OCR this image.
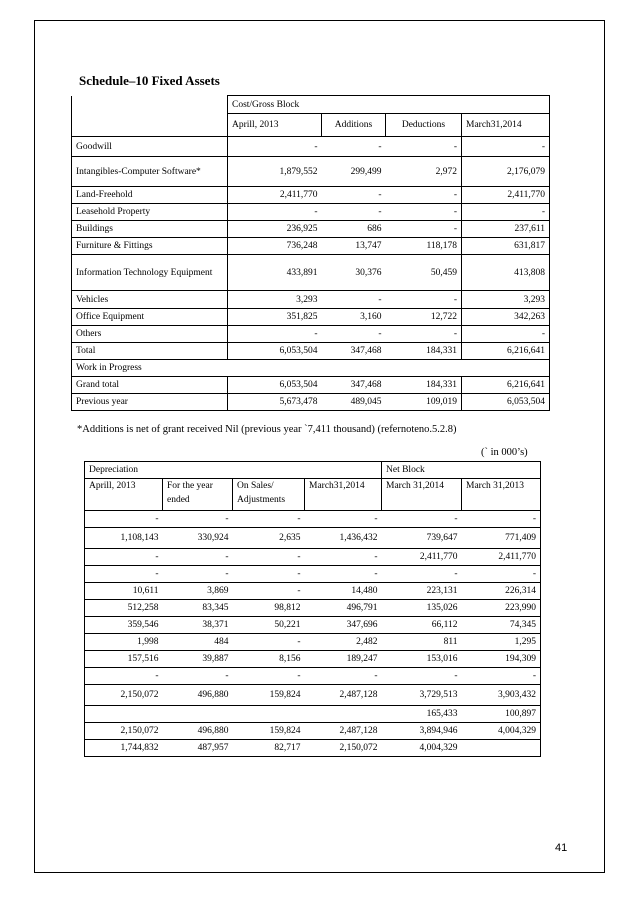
Schedule–10 Fixed Assets
	Cost/Gross Block			
	Aprill, 2013	Additions	Deductions	March31,2014
Goodwill	-	-	-	-
Intangibles-Computer Software*	1,879,552	299,499	2,972	2,176,079
Land-Freehold	2,411,770	-	-	2,411,770
Leasehold Property	-	-	-	-
Buildings	236,925	686	-	237,611
Furniture & Fittings	736,248	13,747	118,178	631,817
Information Technology Equipment	433,891	30,376	50,459	413,808
Vehicles	3,293	-	-	3,293
Office Equipment	351,825	3,160	12,722	342,263
Others	-	-	-	-
Total	6,053,504	347,468	184,331	6,216,641
Work in Progress				
Grand total	6,053,504	347,468	184,331	6,216,641
Previous year	5,673,478	489,045	109,019	6,053,504
*Additions is net of grant received Nil (previous year `7,411 thousand) (refernoteno.5.2.8)
(` in 000’s)
Depreciation				Net Block	
Aprill, 2013	For the year ended	On Sales/ Adjustments	March31,2014	March 31,2014	March 31,2013
-	-	-	-	-	-
1,108,143	330,924	2,635	1,436,432	739,647	771,409
-	-	-	-	2,411,770	2,411,770
-	-	-	-	-	-
10,611	3,869	-	14,480	223,131	226,314
512,258	83,345	98,812	496,791	135,026	223,990
359,546	38,371	50,221	347,696	66,112	74,345
1,998	484	-	2,482	811	1,295
157,516	39,887	8,156	189,247	153,016	194,309
-	-	-	-	-	-
2,150,072	496,880	159,824	2,487,128	3,729,513	3,903,432
				165,433	100,897
2,150,072	496,880	159,824	2,487,128	3,894,946	4,004,329
1,744,832	487,957	82,717	2,150,072	4,004,329	
41
